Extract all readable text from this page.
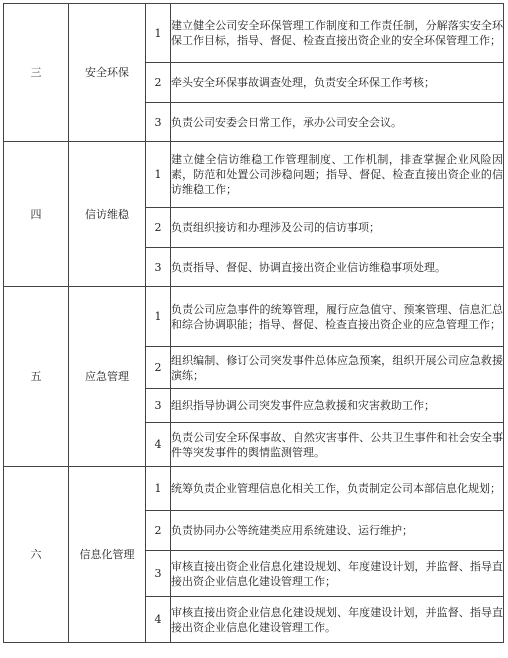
三	安全环保	1	建立健全公司安全环保管理工作制度和工作责任制，分解落实安全环保工作目标，指导、督促、检查直接出资企业的安全环保管理工作；
		2	牵头安全环保事故调查处理，负责安全环保工作考核；
		3	负责公司安委会日常工作，承办公司安全会议。
四	信访维稳	1	建立健全信访维稳工作管理制度、工作机制，排查掌握企业风险因素，防范和处置公司涉稳问题；指导、督促、检查直接出资企业的信访维稳工作；
		2	负责组织接访和办理涉及公司的信访事项；
		3	负责指导、督促、协调直接出资企业信访维稳事项处理。
五	应急管理	1	负责公司应急事件的统筹管理，履行应急值守、预案管理、信息汇总和综合协调职能；指导、督促、检查直接出资企业的应急管理工作；
		2	组织编制、修订公司突发事件总体应急预案，组织开展公司应急救援演练；
		3	组织指导协调公司突发事件应急救援和灾害救助工作；
		4	负责公司安全环保事故、自然灾害事件、公共卫生事件和社会安全事件等突发事件的舆情监测管理。
六	信息化管理	1	统筹负责企业管理信息化相关工作，负责制定公司本部信息化规划；
		2	负责协同办公等统建类应用系统建设、运行维护；
		3	审核直接出资企业信息化建设规划、年度建设计划，并监督、指导直接出资企业信息化建设管理工作；
		4	审核直接出资企业信息化建设规划、年度建设计划，并监督、指导直接出资企业信息化建设管理工作。
